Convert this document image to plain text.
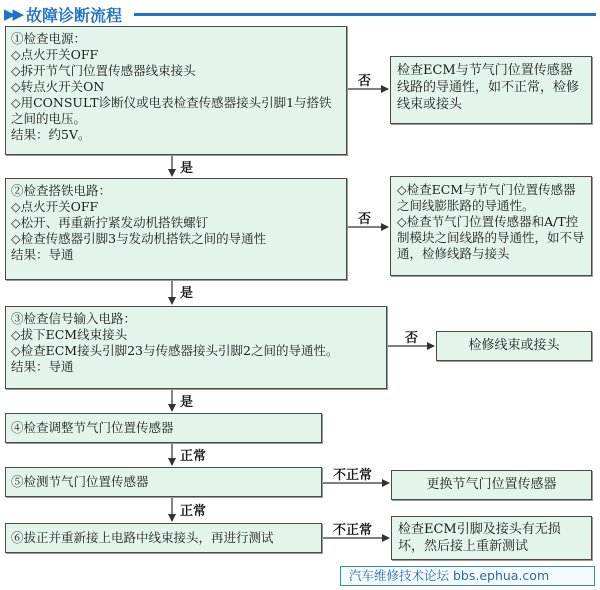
▶▶ 故障诊断流程
①检查电源：
◇点火开关OFF
◇拆开节气门位置传感器线束接头
◇转点火开关ON
◇用CONSULT诊断仪或电表检查传感器接头引脚1与搭铁之间的电压。
结果：约5V。
②检查搭铁电路：
◇点火开关OFF
◇松开、再重新拧紧发动机搭铁螺钉
◇检查传感器引脚3与发动机搭铁之间的导通性
结果：导通
③检查信号输入电路：
◇拔下ECM线束接头
◇检查ECM接头引脚23与传感器接头引脚2之间的导通性。
结果：导通
④检查调整节气门位置传感器
⑤检测节气门位置传感器
⑥拔正并重新接上电路中线束接头，再进行测试
检查ECM与节气门位置传感器线路的导通性，如不正常，检修线束或接头
◇检查ECM与节气门位置传感器之间线膨胀路的导通性。
◇检查节气门位置传感器和A/T控制模块之间线路的导通性，如不导通，检修线路与接头
检修线束或接头
更换节气门位置传感器
检查ECM引脚及接头有无损坏，然后接上重新测试
是
是
是
正常
正常
否
否
否
不正常
不正常
汽车维修技术论坛 bbs.ephua.com
